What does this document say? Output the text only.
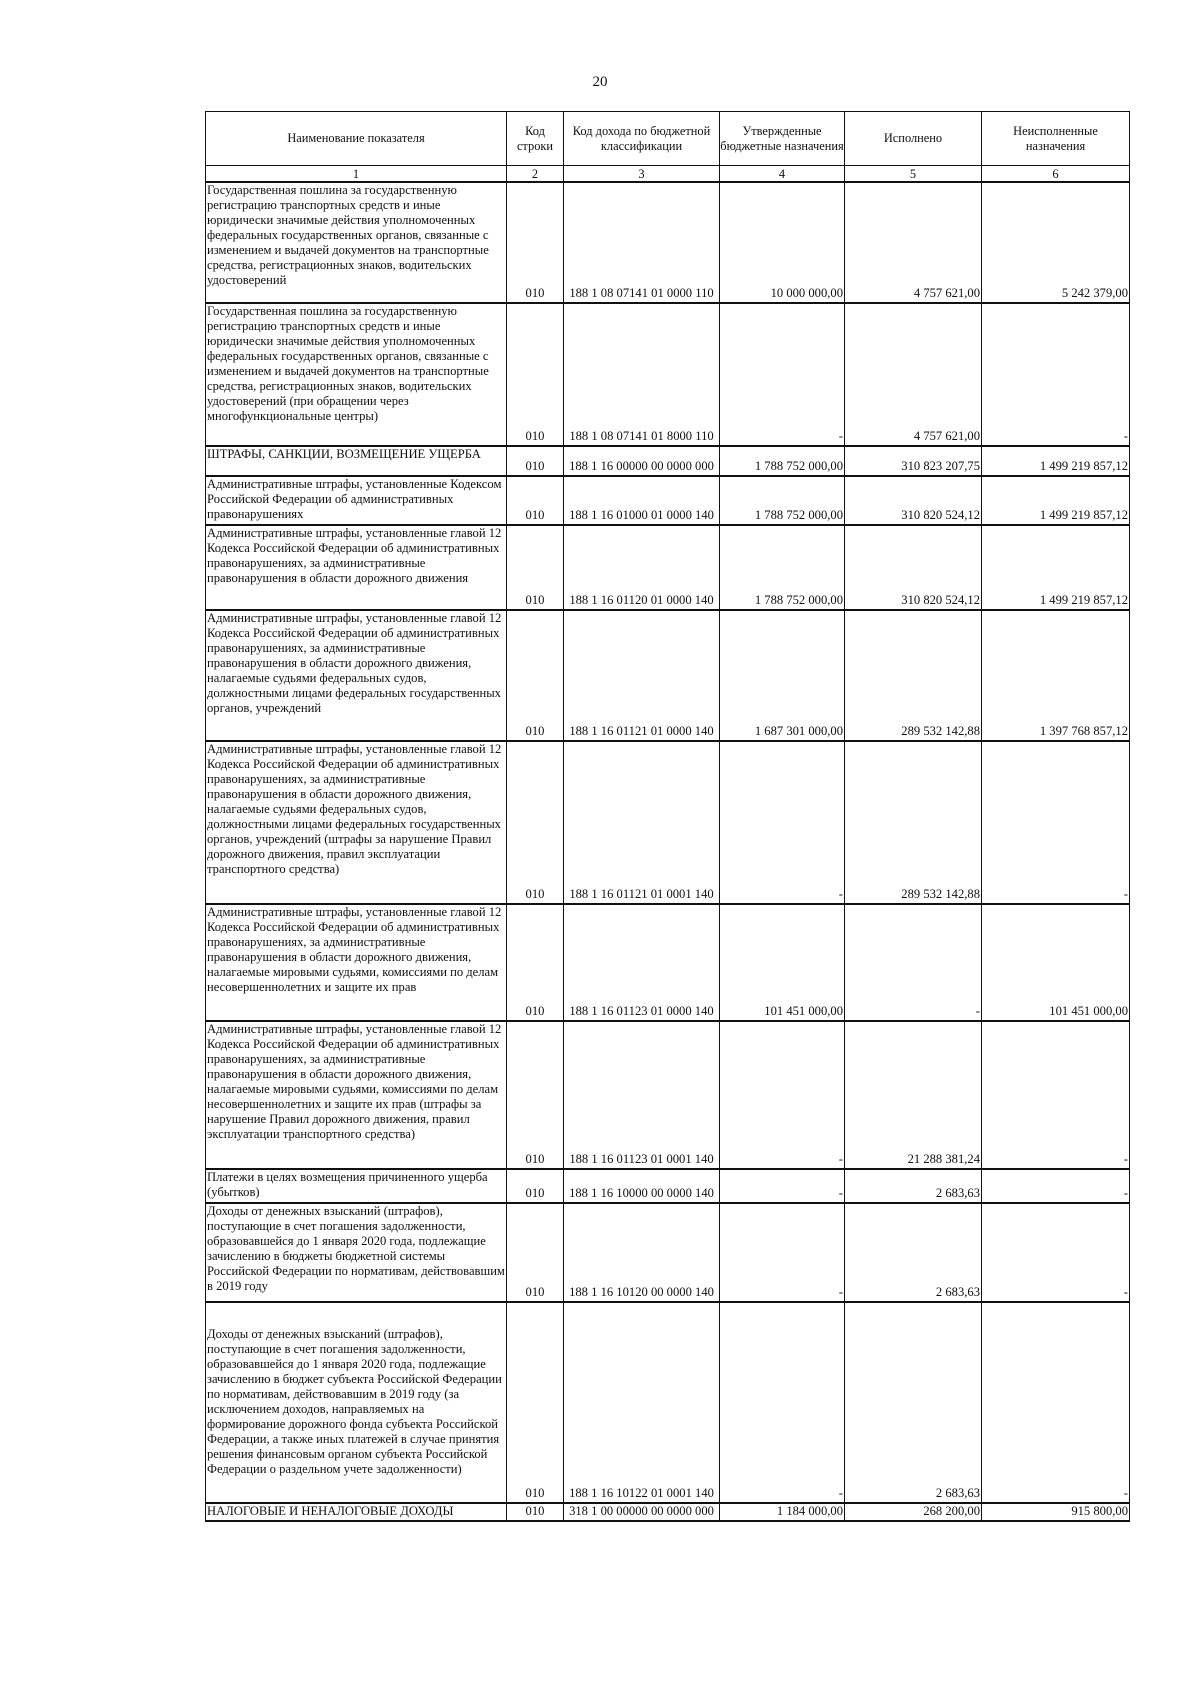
20
Наименование показателя	Код строки	Код дохода по бюджетной классификации	Утвержденные бюджетные назначения	Исполнено	Неисполненные назначения
1	2	3	4	5	6
Государственная пошлина за государственную регистрацию транспортных средств и иные юридически значимые действия уполномоченных федеральных государственных органов, связанные с изменением и выдачей документов на транспортные средства, регистрационных знаков, водительских удостоверений	010	188 1 08 07141 01 0000 110	10 000 000,00	4 757 621,00	5 242 379,00
Государственная пошлина за государственную регистрацию транспортных средств и иные юридически значимые действия уполномоченных федеральных государственных органов, связанные с изменением и выдачей документов на транспортные средства, регистрационных знаков, водительских удостоверений (при обращении через многофункциональные центры)	010	188 1 08 07141 01 8000 110	-	4 757 621,00	-
ШТРАФЫ, САНКЦИИ, ВОЗМЕЩЕНИЕ УЩЕРБА	010	188 1 16 00000 00 0000 000	1 788 752 000,00	310 823 207,75	1 499 219 857,12
Административные штрафы, установленные Кодексом Российской Федерации об административных правонарушениях	010	188 1 16 01000 01 0000 140	1 788 752 000,00	310 820 524,12	1 499 219 857,12
Административные штрафы, установленные главой 12 Кодекса Российской Федерации об административных правонарушениях, за административные правонарушения в области дорожного движения	010	188 1 16 01120 01 0000 140	1 788 752 000,00	310 820 524,12	1 499 219 857,12
Административные штрафы, установленные главой 12 Кодекса Российской Федерации об административных правонарушениях, за административные правонарушения в области дорожного движения, налагаемые судьями федеральных судов, должностными лицами федеральных государственных органов, учреждений	010	188 1 16 01121 01 0000 140	1 687 301 000,00	289 532 142,88	1 397 768 857,12
Административные штрафы, установленные главой 12 Кодекса Российской Федерации об административных правонарушениях, за административные правонарушения в области дорожного движения, налагаемые судьями федеральных судов, должностными лицами федеральных государственных органов, учреждений (штрафы за нарушение Правил дорожного движения, правил эксплуатации транспортного средства)	010	188 1 16 01121 01 0001 140	-	289 532 142,88	-
Административные штрафы, установленные главой 12 Кодекса Российской Федерации об административных правонарушениях, за административные правонарушения в области дорожного движения, налагаемые мировыми судьями, комиссиями по делам несовершеннолетних и защите их прав	010	188 1 16 01123 01 0000 140	101 451 000,00	-	101 451 000,00
Административные штрафы, установленные главой 12 Кодекса Российской Федерации об административных правонарушениях, за административные правонарушения в области дорожного движения, налагаемые мировыми судьями, комиссиями по делам несовершеннолетних и защите их прав (штрафы за нарушение Правил дорожного движения, правил эксплуатации транспортного средства)	010	188 1 16 01123 01 0001 140	-	21 288 381,24	-
Платежи в целях возмещения причиненного ущерба (убытков)	010	188 1 16 10000 00 0000 140	-	2 683,63	-
Доходы от денежных взысканий (штрафов), поступающие в счет погашения задолженности, образовавшейся до 1 января 2020 года, подлежащие зачислению в бюджеты бюджетной системы Российской Федерации по нормативам, действовавшим в 2019 году	010	188 1 16 10120 00 0000 140	-	2 683,63	-
Доходы от денежных взысканий (штрафов), поступающие в счет погашения задолженности, образовавшейся до 1 января 2020 года, подлежащие зачислению в бюджет субъекта Российской Федерации по нормативам, действовавшим в 2019 году (за исключением доходов, направляемых на формирование дорожного фонда субъекта Российской Федерации, а также иных платежей в случае принятия решения финансовым органом субъекта Российской Федерации о раздельном учете задолженности)	010	188 1 16 10122 01 0001 140	-	2 683,63	-
НАЛОГОВЫЕ И НЕНАЛОГОВЫЕ ДОХОДЫ	010	318 1 00 00000 00 0000 000	1 184 000,00	268 200,00	915 800,00
